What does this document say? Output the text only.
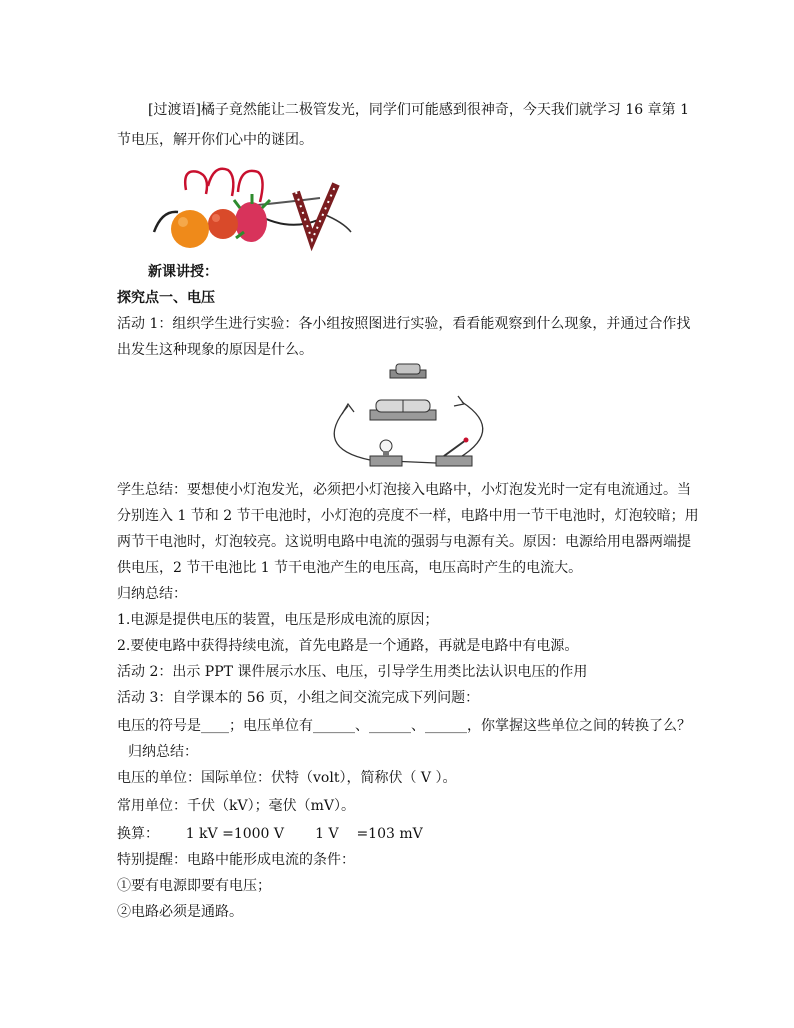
[过渡语]橘子竟然能让二极管发光，同学们可能感到很神奇，今天我们就学习 16 章第 1
节电压，解开你们心中的谜团。
新课讲授：
探究点一、电压
活动 1：组织学生进行实验：各小组按照图进行实验，看看能观察到什么现象，并通过合作找
出发生这种现象的原因是什么。
学生总结：要想使小灯泡发光，必须把小灯泡接入电路中，小灯泡发光时一定有电流通过。当
分别连入 1 节和 2 节干电池时，小灯泡的亮度不一样，电路中用一节干电池时，灯泡较暗；用
两节干电池时，灯泡较亮。这说明电路中电流的强弱与电源有关。原因：电源给用电器两端提
供电压，2 节干电池比 1 节干电池产生的电压高，电压高时产生的电流大。
归纳总结：
1.电源是提供电压的装置，电压是形成电流的原因；
2.要使电路中获得持续电流，首先电路是一个通路，再就是电路中有电源。
活动 2：出示 PPT 课件展示水压、电压，引导学生用类比法认识电压的作用
活动 3：自学课本的 56 页，小组之间交流完成下列问题：
电压的符号是____；电压单位有______、______、______，你掌握这些单位之间的转换了么？
归纳总结：
电压的单位：国际单位：伏特（volt），简称伏（ V ）。
常用单位：千伏（kV）；毫伏（mV）。
换算：      1 kV =1000 V       1 V    =103 mV
特别提醒：电路中能形成电流的条件：
①要有电源即要有电压；
②电路必须是通路。
